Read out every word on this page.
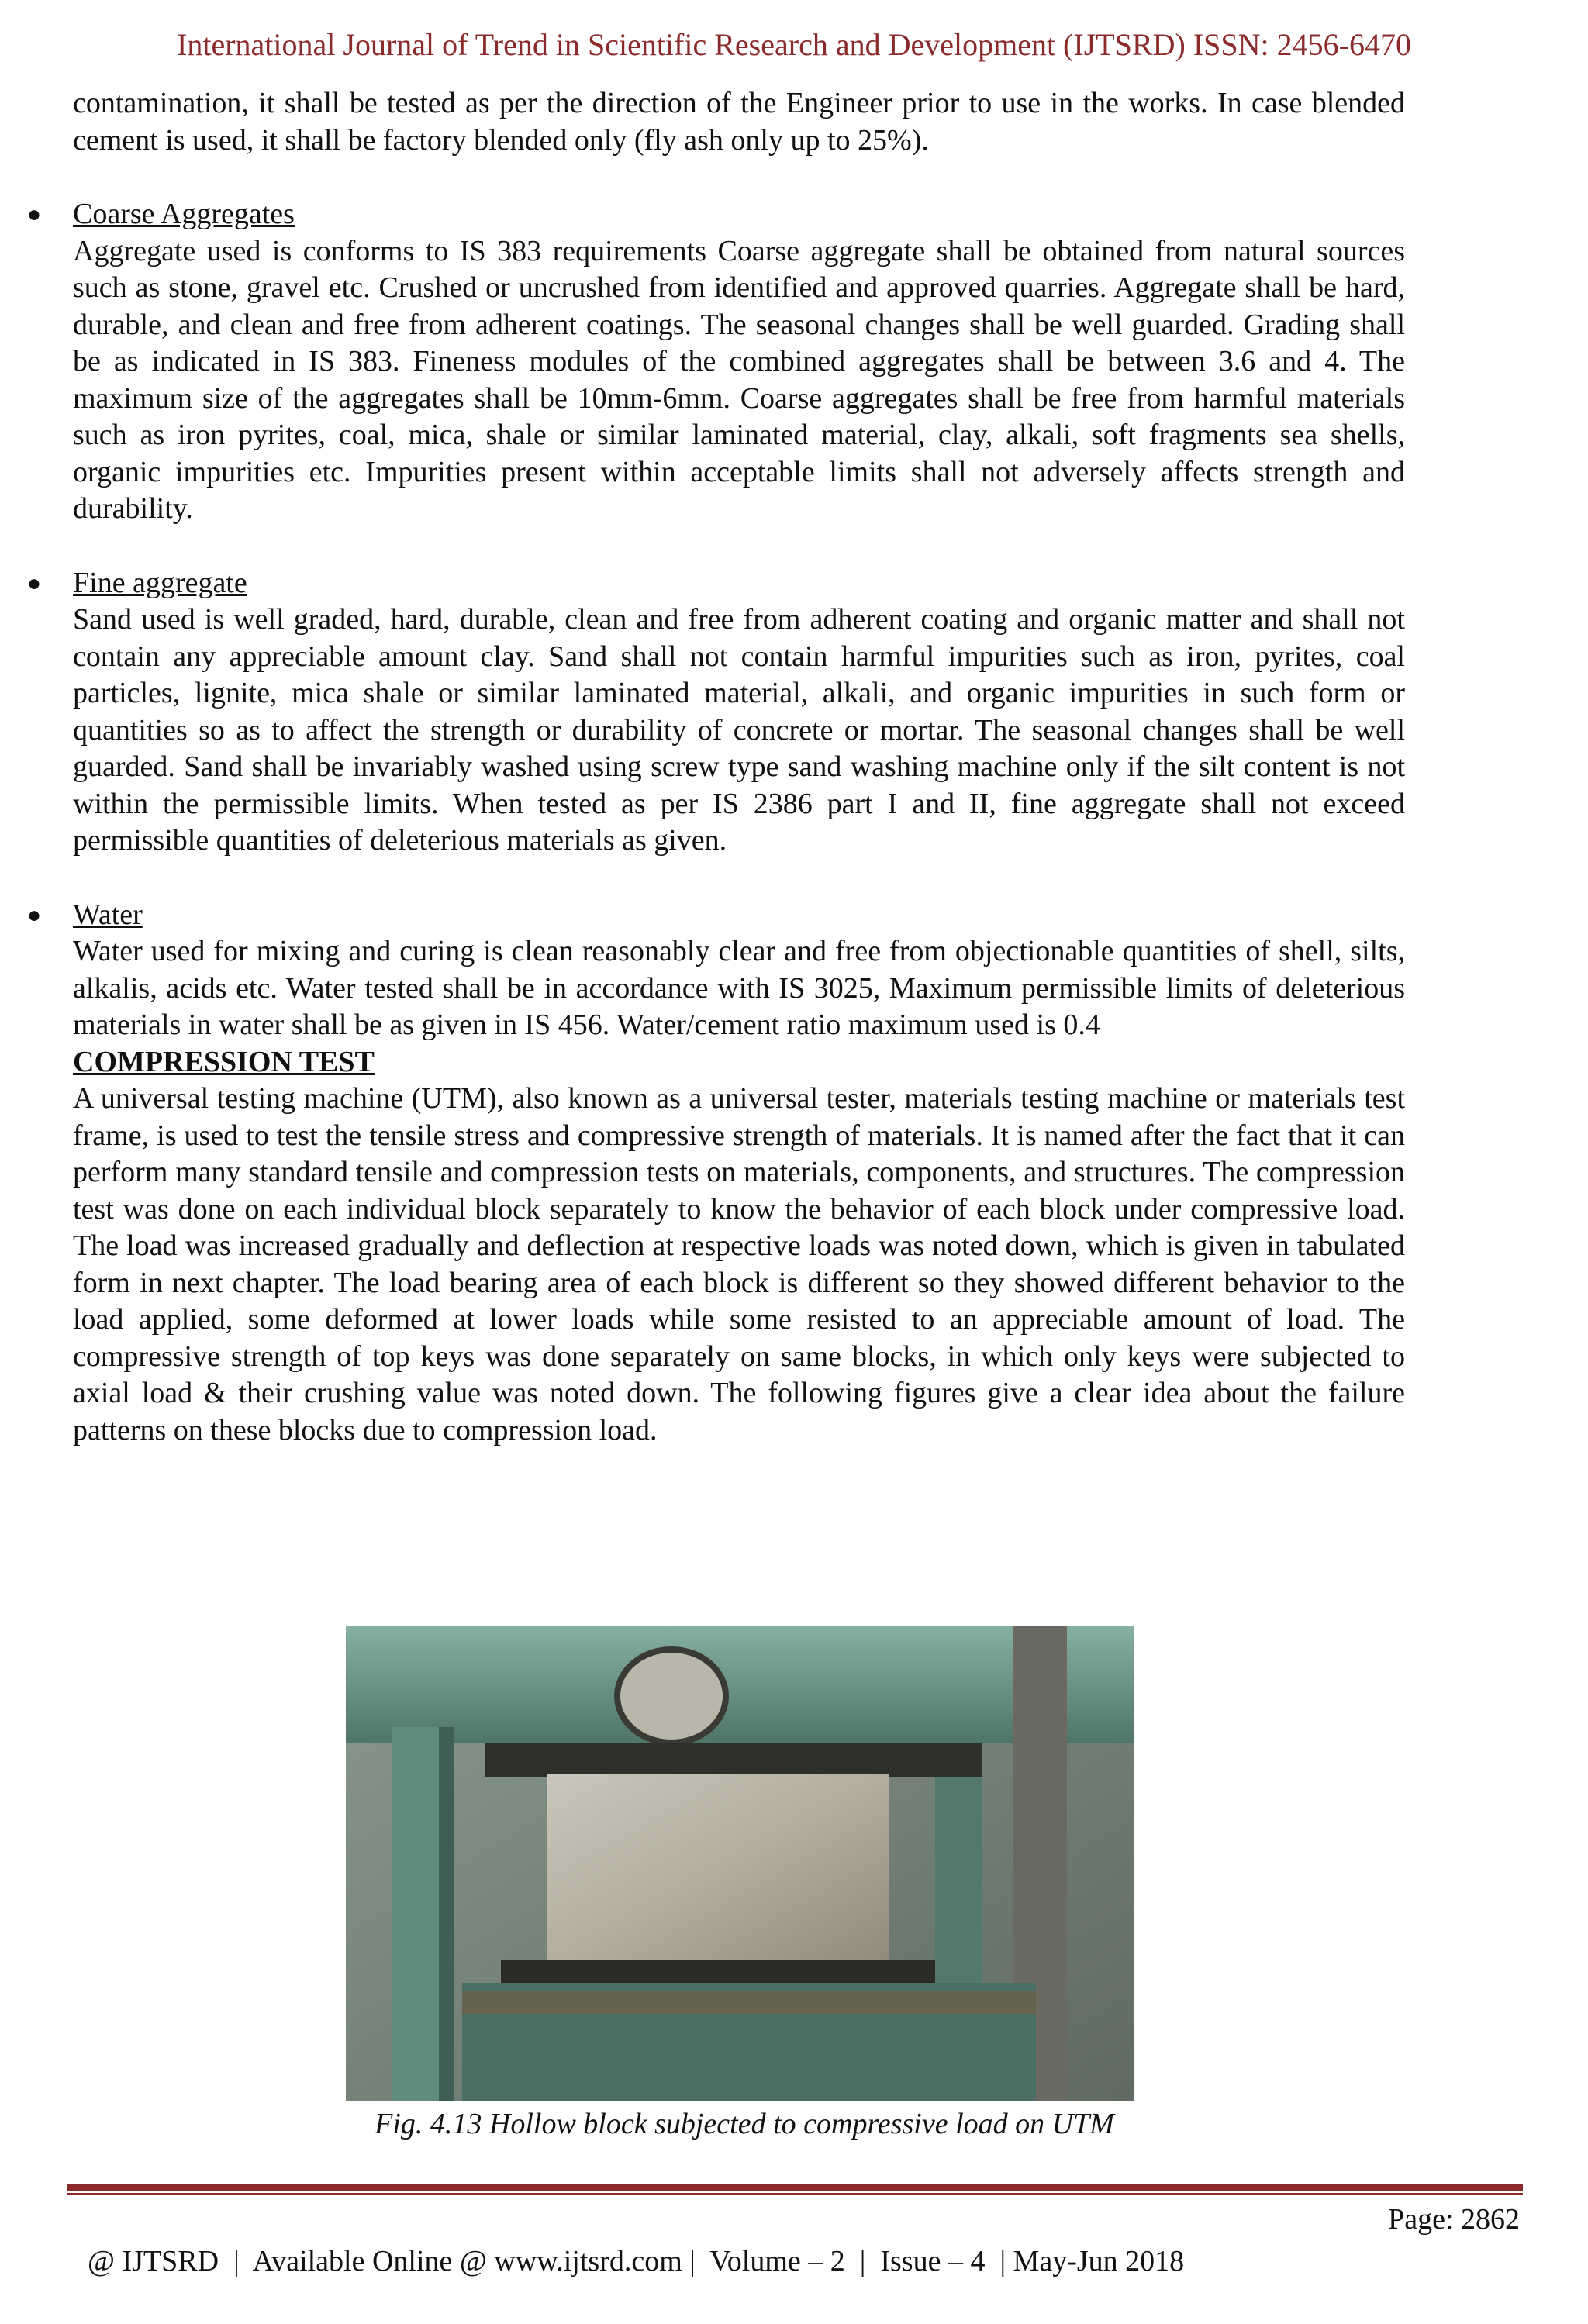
International Journal of Trend in Scientific Research and Development (IJTSRD) ISSN: 2456-6470

contamination, it shall be tested as per the direction of the Engineer prior to use in the works. In case blended cement is used, it shall be factory blended only (fly ash only up to 25%).

● Coarse Aggregates

Aggregate used is conforms to IS 383 requirements Coarse aggregate shall be obtained from natural sources such as stone, gravel etc. Crushed or uncrushed from identified and approved quarries. Aggregate shall be hard, durable, and clean and free from adherent coatings. The seasonal changes shall be well guarded. Grading shall be as indicated in IS 383. Fineness modules of the combined aggregates shall be between 3.6 and 4. The maximum size of the aggregates shall be 10mm-6mm. Coarse aggregates shall be free from harmful materials such as iron pyrites, coal, mica, shale or similar laminated material, clay, alkali, soft fragments sea shells, organic impurities etc. Impurities present within acceptable limits shall not adversely affects strength and durability.

● Fine aggregate

Sand used is well graded, hard, durable, clean and free from adherent coating and organic matter and shall not contain any appreciable amount clay. Sand shall not contain harmful impurities such as iron, pyrites, coal particles, lignite, mica shale or similar laminated material, alkali, and organic impurities in such form or quantities so as to affect the strength or durability of concrete or mortar. The seasonal changes shall be well guarded. Sand shall be invariably washed using screw type sand washing machine only if the silt content is not within the permissible limits. When tested as per IS 2386 part I and II, fine aggregate shall not exceed permissible quantities of deleterious materials as given.

● Water

Water used for mixing and curing is clean reasonably clear and free from objectionable quantities of shell, silts, alkalis, acids etc. Water tested shall be in accordance with IS 3025, Maximum permissible limits of deleterious materials in water shall be as given in IS 456. Water/cement ratio maximum used is 0.4

COMPRESSION TEST

A universal testing machine (UTM), also known as a universal tester, materials testing machine or materials test frame, is used to test the tensile stress and compressive strength of materials. It is named after the fact that it can perform many standard tensile and compression tests on materials, components, and structures. The compression test was done on each individual block separately to know the behavior of each block under compressive load. The load was increased gradually and deflection at respective loads was noted down, which is given in tabulated form in next chapter. The load bearing area of each block is different so they showed different behavior to the load applied, some deformed at lower loads while some resisted to an appreciable amount of load. The compressive strength of top keys was done separately on same blocks, in which only keys were subjected to axial load & their crushing value was noted down. The following figures give a clear idea about the failure patterns on these blocks due to compression load.

Fig. 4.13 Hollow block subjected to compressive load on UTM

@ IJTSRD  |  Available Online @ www.ijtsrd.com |  Volume – 2  |  Issue – 4  | May-Jun 2018

Page: 2862
